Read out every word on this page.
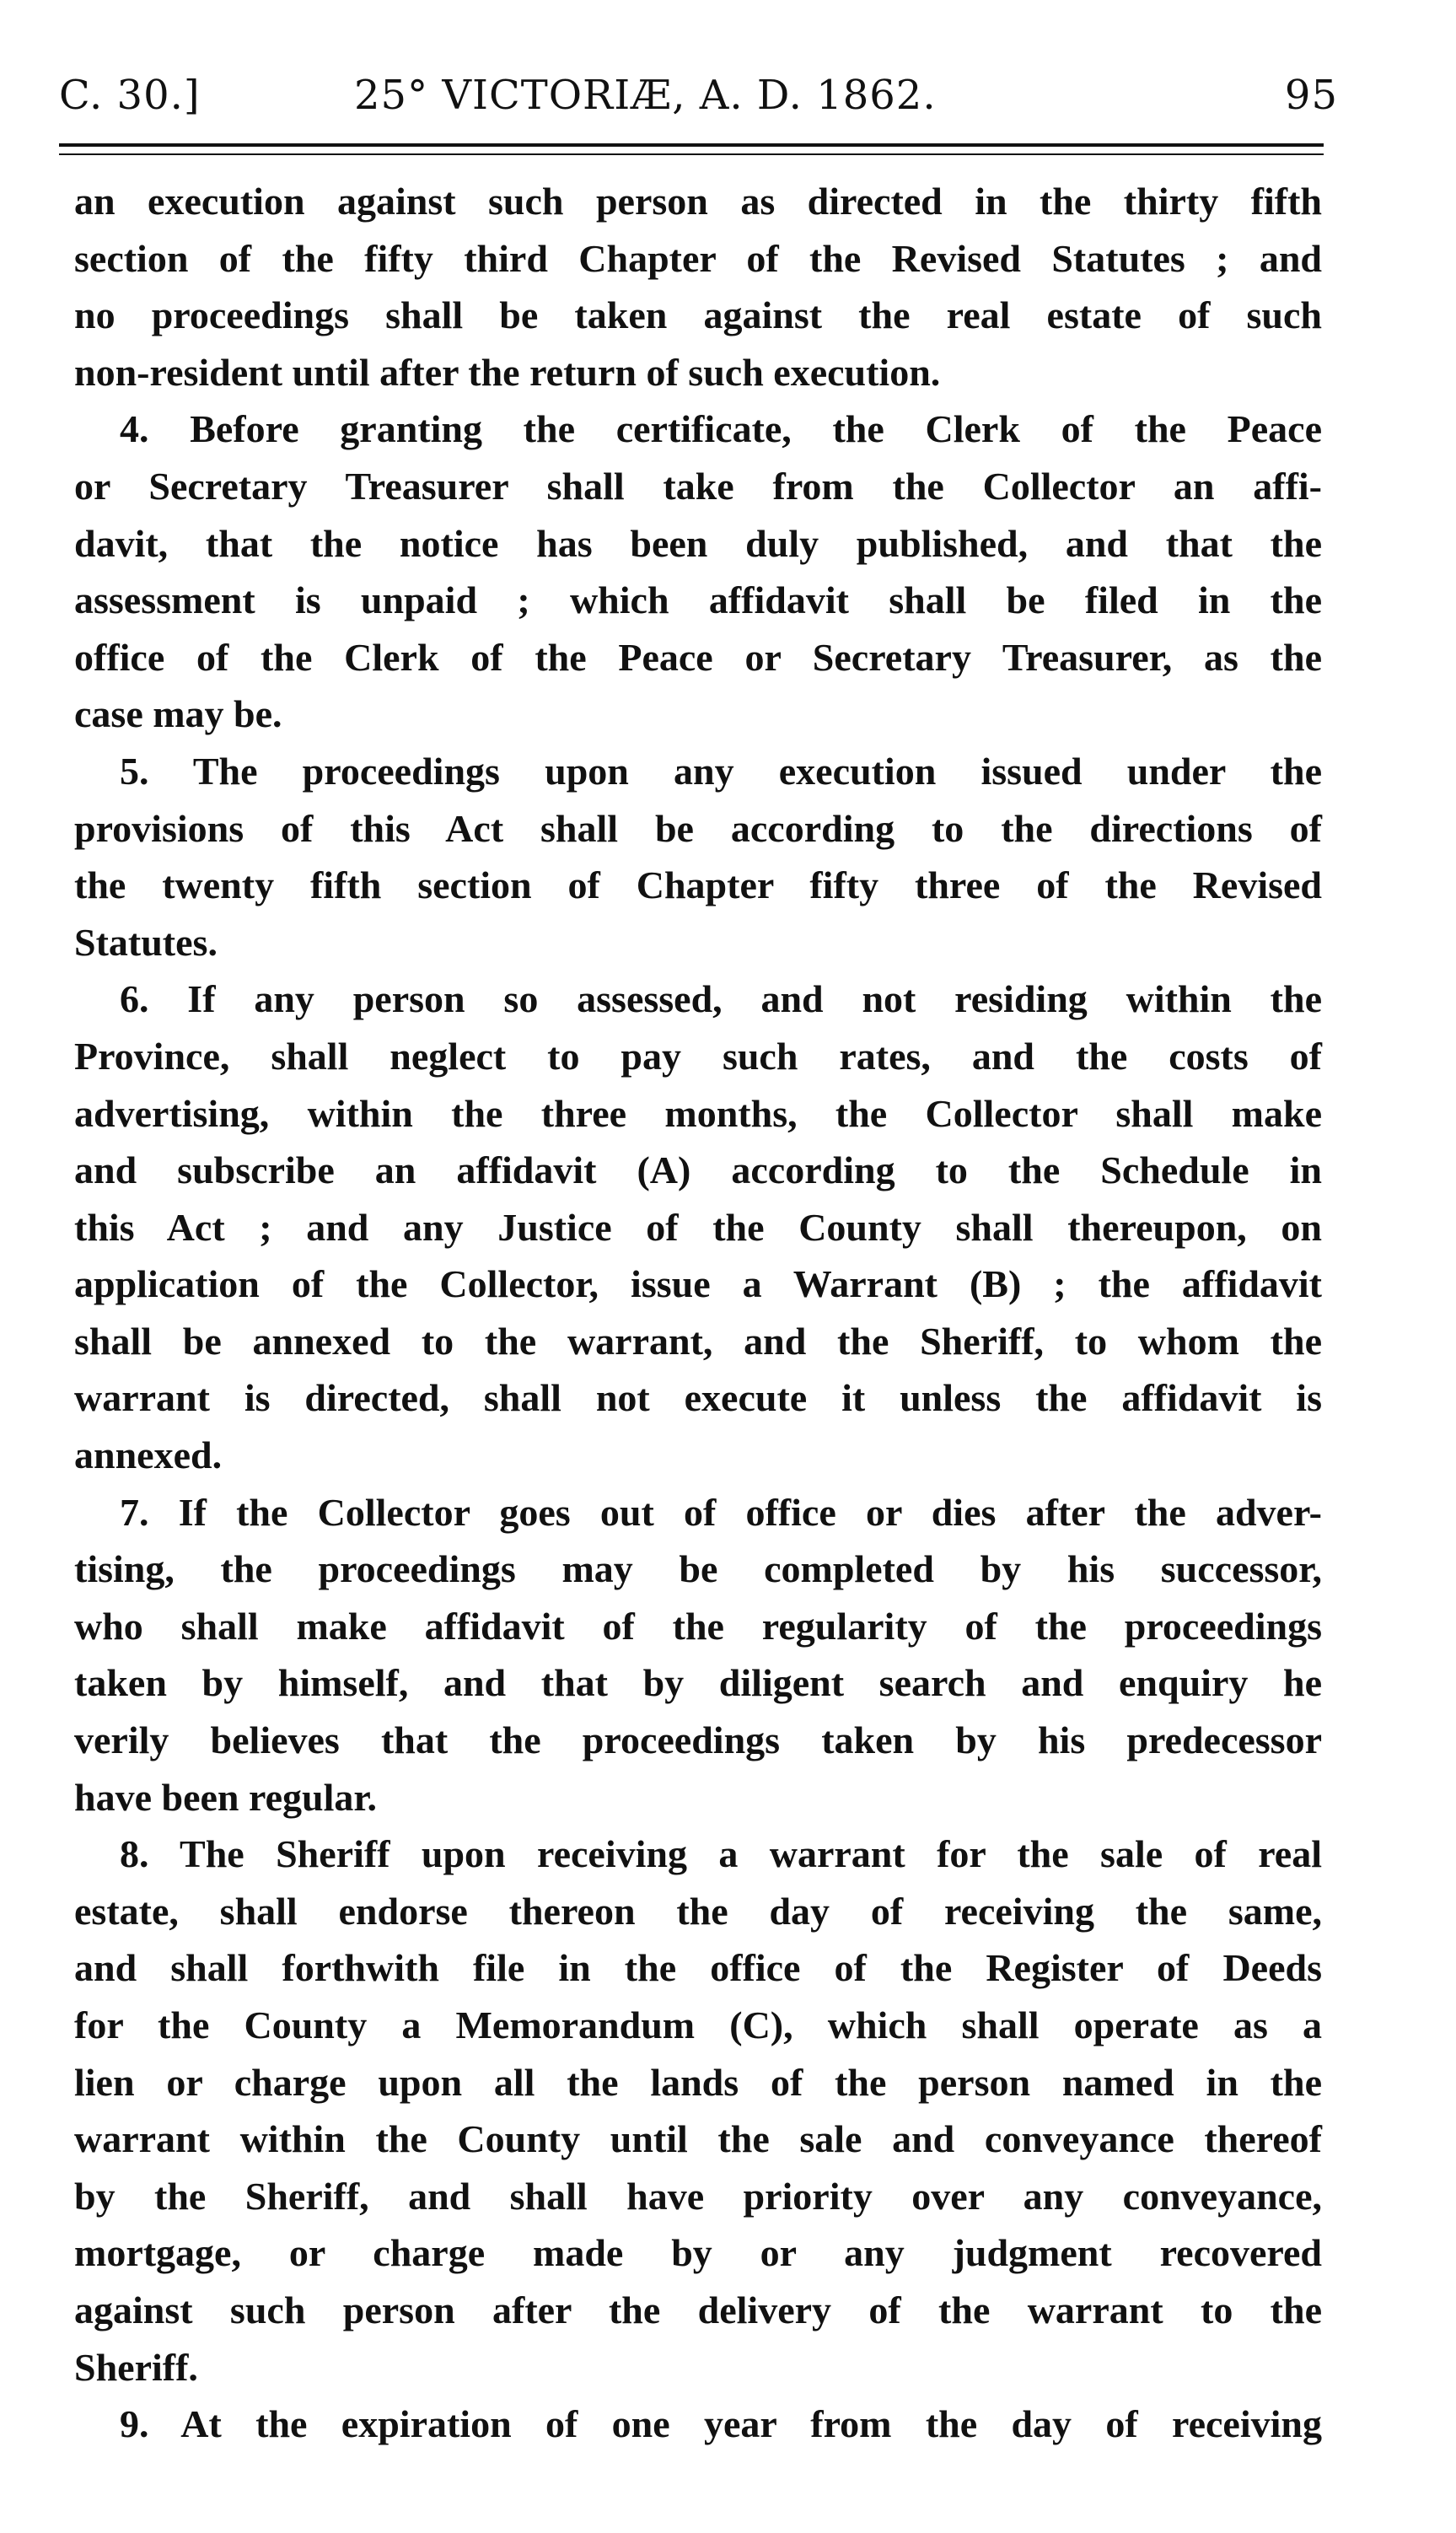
C. 30.]	25° VICTORIÆ, A. D. 1862.	95
an execution against such person as directed in the thirty fifth
section of the fifty third Chapter of the Revised Statutes ; and
no proceedings shall be taken against the real estate of such
non-resident until after the return of such execution.
4. Before granting the certificate, the Clerk of the Peace
or Secretary Treasurer shall take from the Collector an affi-
davit, that the notice has been duly published, and that the
assessment is unpaid ; which affidavit shall be filed in the
office of the Clerk of the Peace or Secretary Treasurer, as the
case may be.
5. The proceedings upon any execution issued under the
provisions of this Act shall be according to the directions of
the twenty fifth section of Chapter fifty three of the Revised
Statutes.
6. If any person so assessed, and not residing within the
Province, shall neglect to pay such rates, and the costs of
advertising, within the three months, the Collector shall make
and subscribe an affidavit (A) according to the Schedule in
this Act ; and any Justice of the County shall thereupon, on
application of the Collector, issue a Warrant (B) ; the affidavit
shall be annexed to the warrant, and the Sheriff, to whom the
warrant is directed, shall not execute it unless the affidavit is
annexed.
7. If the Collector goes out of office or dies after the adver-
tising, the proceedings may be completed by his successor,
who shall make affidavit of the regularity of the proceedings
taken by himself, and that by diligent search and enquiry he
verily believes that the proceedings taken by his predecessor
have been regular.
8. The Sheriff upon receiving a warrant for the sale of real
estate, shall endorse thereon the day of receiving the same,
and shall forthwith file in the office of the Register of Deeds
for the County a Memorandum (C), which shall operate as a
lien or charge upon all the lands of the person named in the
warrant within the County until the sale and conveyance thereof
by the Sheriff, and shall have priority over any conveyance,
mortgage, or charge made by or any judgment recovered
against such person after the delivery of the warrant to the
Sheriff.
9. At the expiration of one year from the day of receiving
